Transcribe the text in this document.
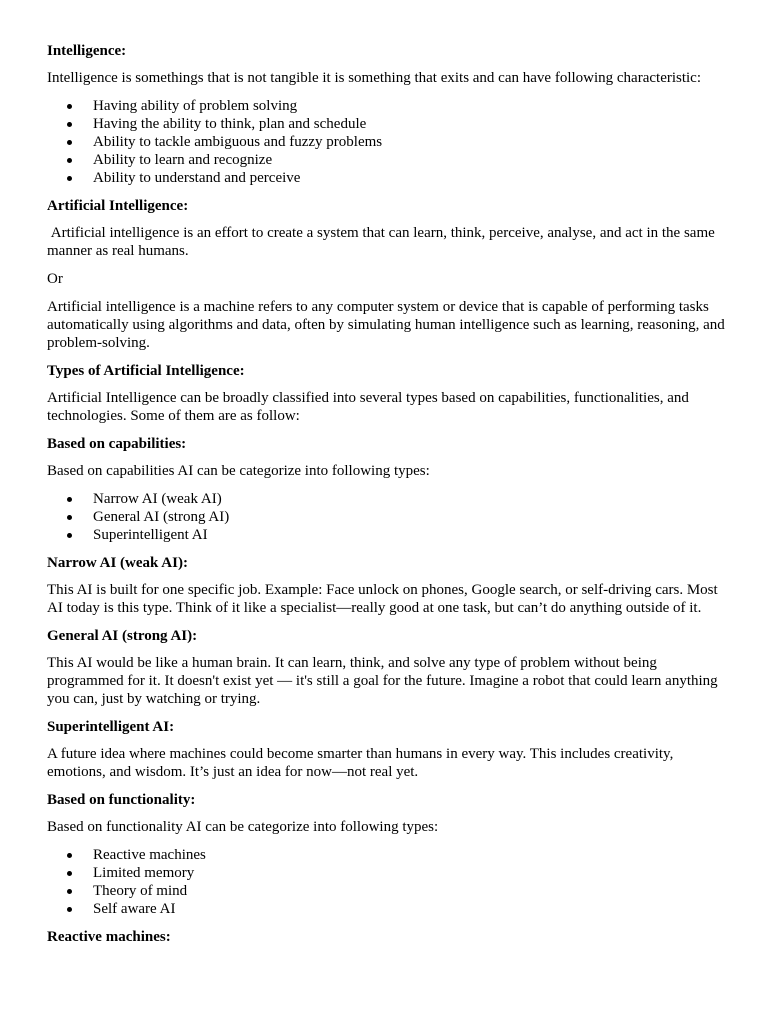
Intelligence:

Intelligence is somethings that is not tangible it is something that exits and can have following characteristic:

Having ability of problem solving
Having the ability to think, plan and schedule
Ability to tackle ambiguous and fuzzy problems
Ability to learn and recognize
Ability to understand and perceive
Artificial Intelligence:

Artificial intelligence is an effort to create a system that can learn, think, perceive, analyse, and act in the same manner as real humans.

Or

Artificial intelligence is a machine refers to any computer system or device that is capable of performing tasks automatically using algorithms and data, often by simulating human intelligence such as learning, reasoning, and problem-solving.

Types of Artificial Intelligence:

Artificial Intelligence can be broadly classified into several types based on capabilities, functionalities, and technologies. Some of them are as follow:

Based on capabilities:

Based on capabilities AI can be categorize into following types:

Narrow AI (weak AI)
General AI (strong AI)
Superintelligent AI
Narrow AI (weak AI):

This AI is built for one specific job. Example: Face unlock on phones, Google search, or self-driving cars. Most AI today is this type. Think of it like a specialist—really good at one task, but can’t do anything outside of it.

General AI (strong AI):

This AI would be like a human brain. It can learn, think, and solve any type of problem without being programmed for it. It doesn't exist yet — it's still a goal for the future. Imagine a robot that could learn anything you can, just by watching or trying.

Superintelligent AI:

A future idea where machines could become smarter than humans in every way. This includes creativity, emotions, and wisdom. It’s just an idea for now—not real yet.

Based on functionality:

Based on functionality AI can be categorize into following types:

Reactive machines
Limited memory
Theory of mind
Self aware AI
Reactive machines:
